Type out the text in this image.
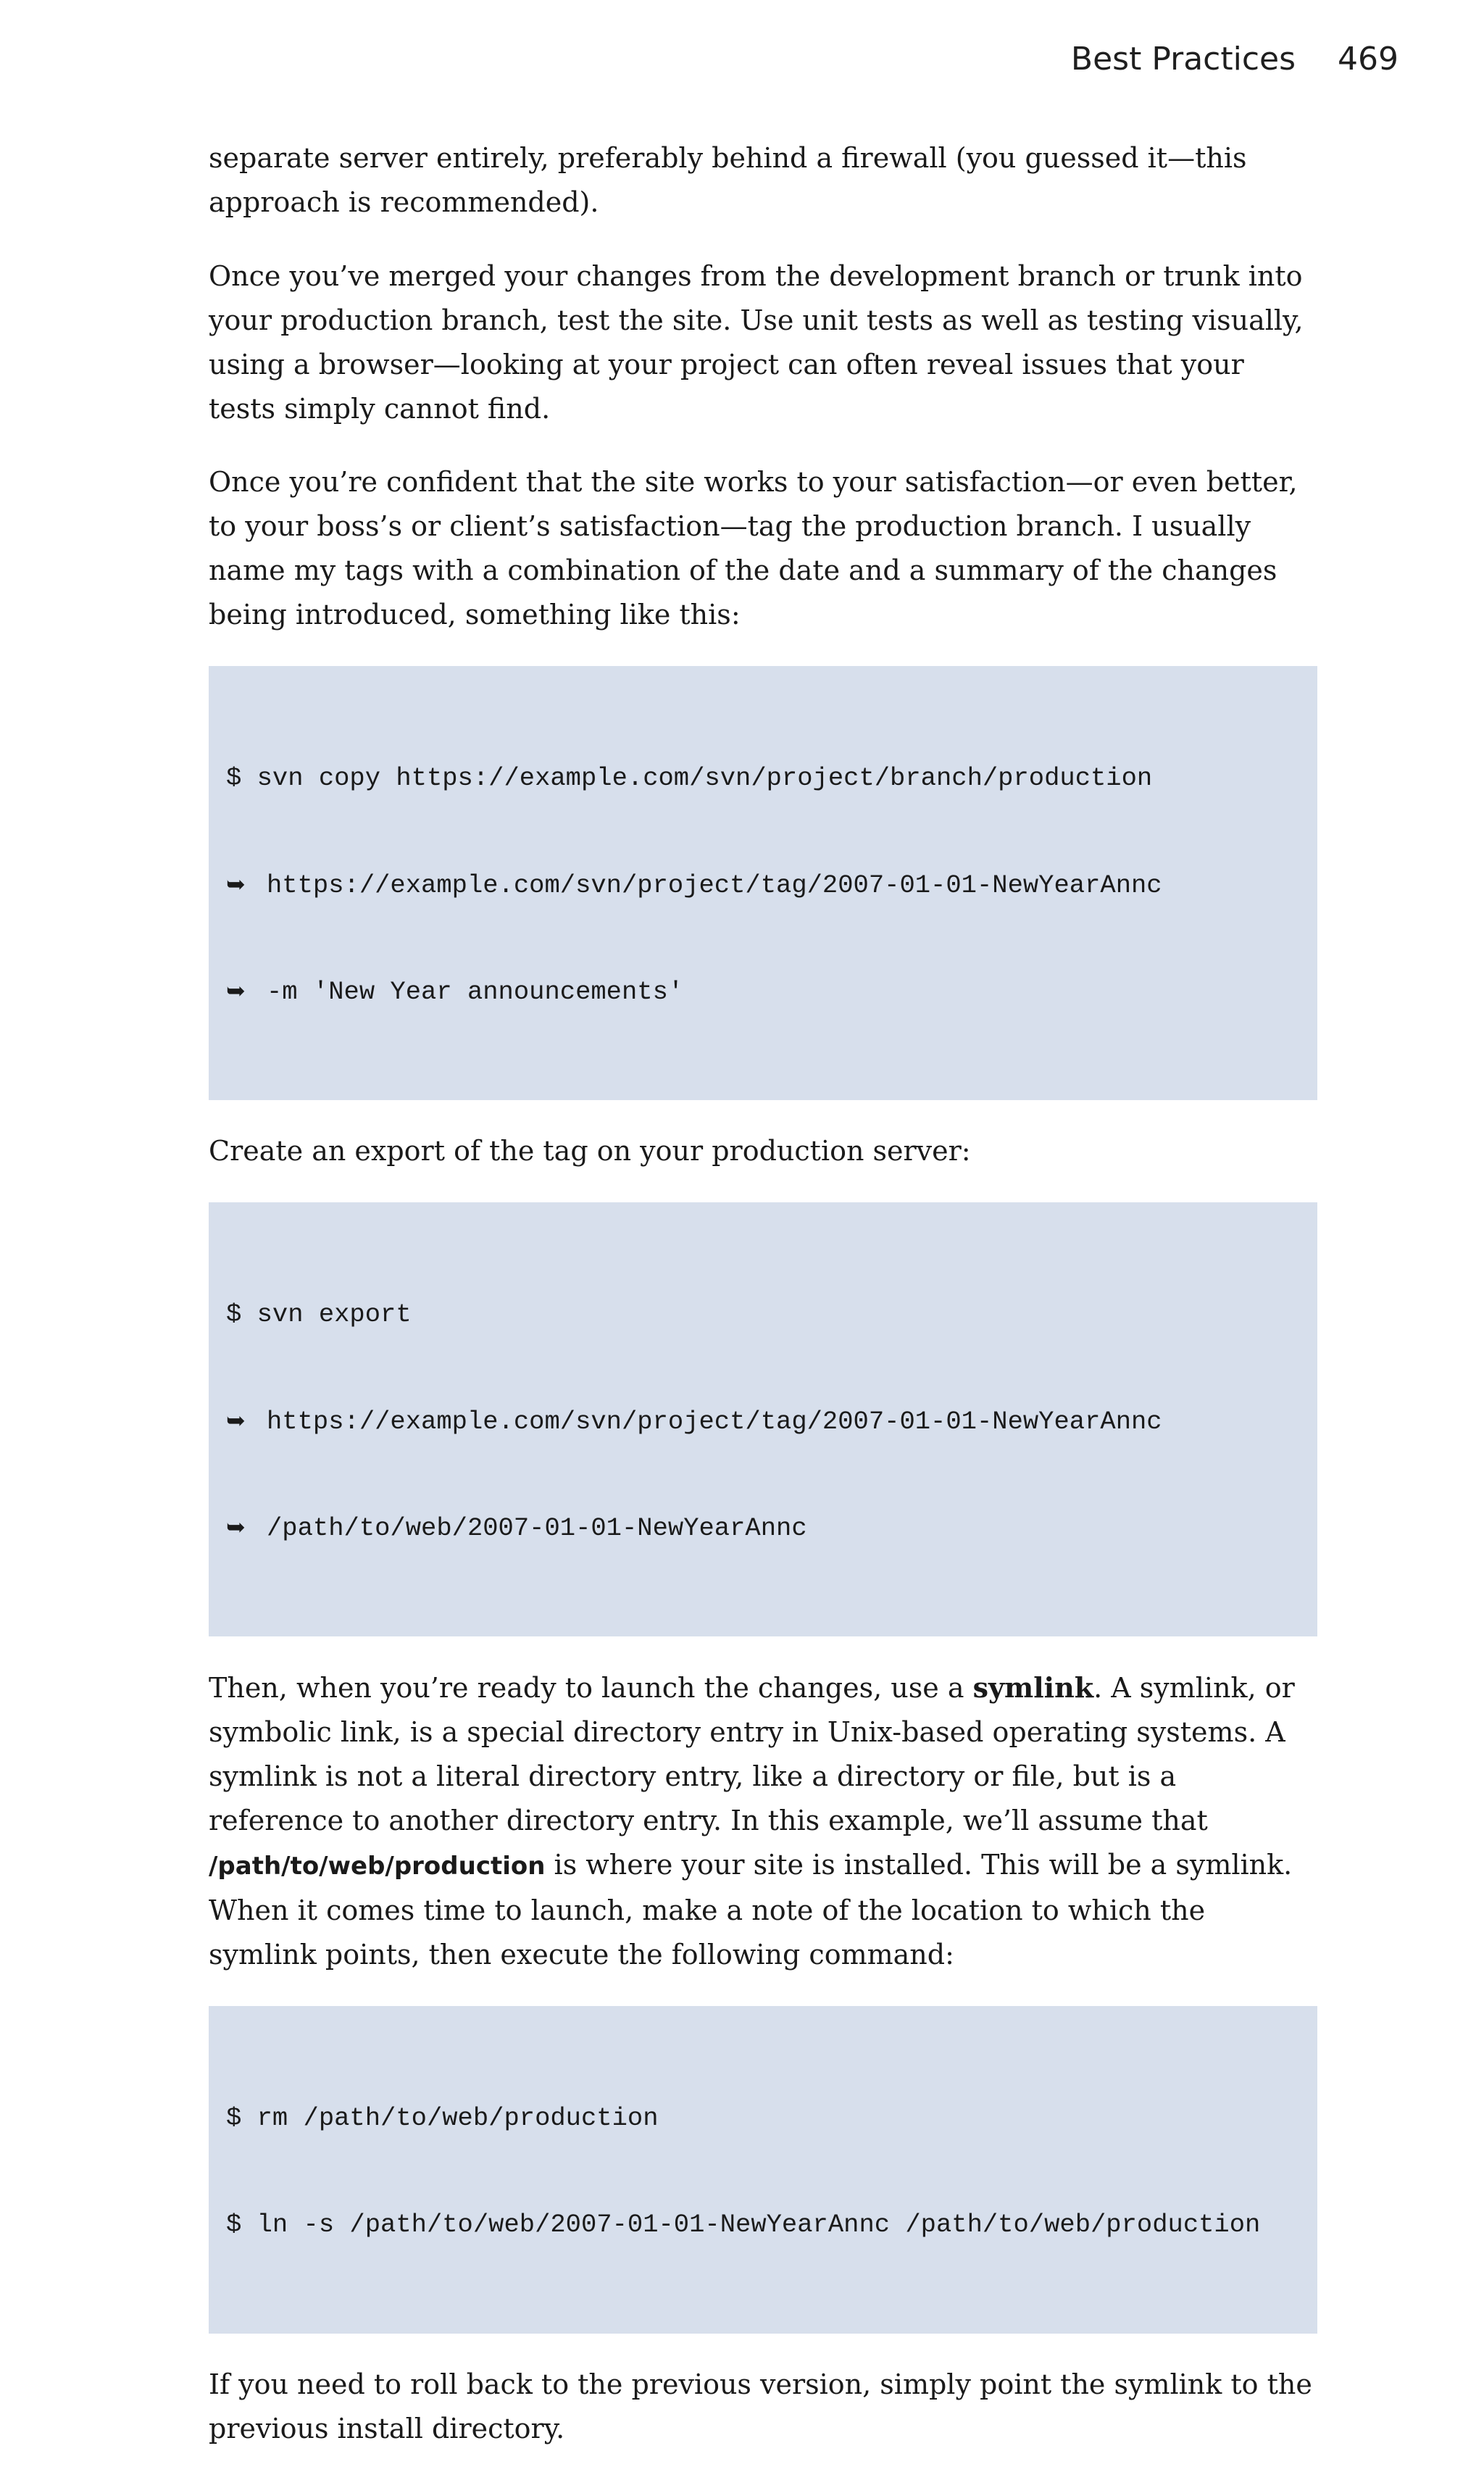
Best Practices 469

separate server entirely, preferably behind a firewall (you guessed it—this approach is recommended).

Once you’ve merged your changes from the development branch or trunk into your production branch, test the site. Use unit tests as well as testing visually, using a browser—looking at your project can often reveal issues that your tests simply cannot find.

Once you’re confident that the site works to your satisfaction—or even better, to your boss’s or client’s satisfaction—tag the production branch. I usually name my tags with a combination of the date and a summary of the changes being introduced, something like this:

$ svn copy https://example.com/svn/project/branch/production

➥ https://example.com/svn/project/tag/2007-01-01-NewYearAnnc

➥ -m 'New Year announcements'

Create an export of the tag on your production server:

$ svn export

➥ https://example.com/svn/project/tag/2007-01-01-NewYearAnnc

➥ /path/to/web/2007-01-01-NewYearAnnc

Then, when you’re ready to launch the changes, use a symlink. A symlink, or symbolic link, is a special directory entry in Unix-based operating systems. A symlink is not a literal directory entry, like a directory or file, but is a reference to another directory entry. In this example, we’ll assume that /path/to/web/production is where your site is installed. This will be a symlink. When it comes time to launch, make a note of the location to which the symlink points, then execute the following command:

$ rm /path/to/web/production

$ ln -s /path/to/web/2007-01-01-NewYearAnnc /path/to/web/production

If you need to roll back to the previous version, simply point the symlink to the previous install directory.
